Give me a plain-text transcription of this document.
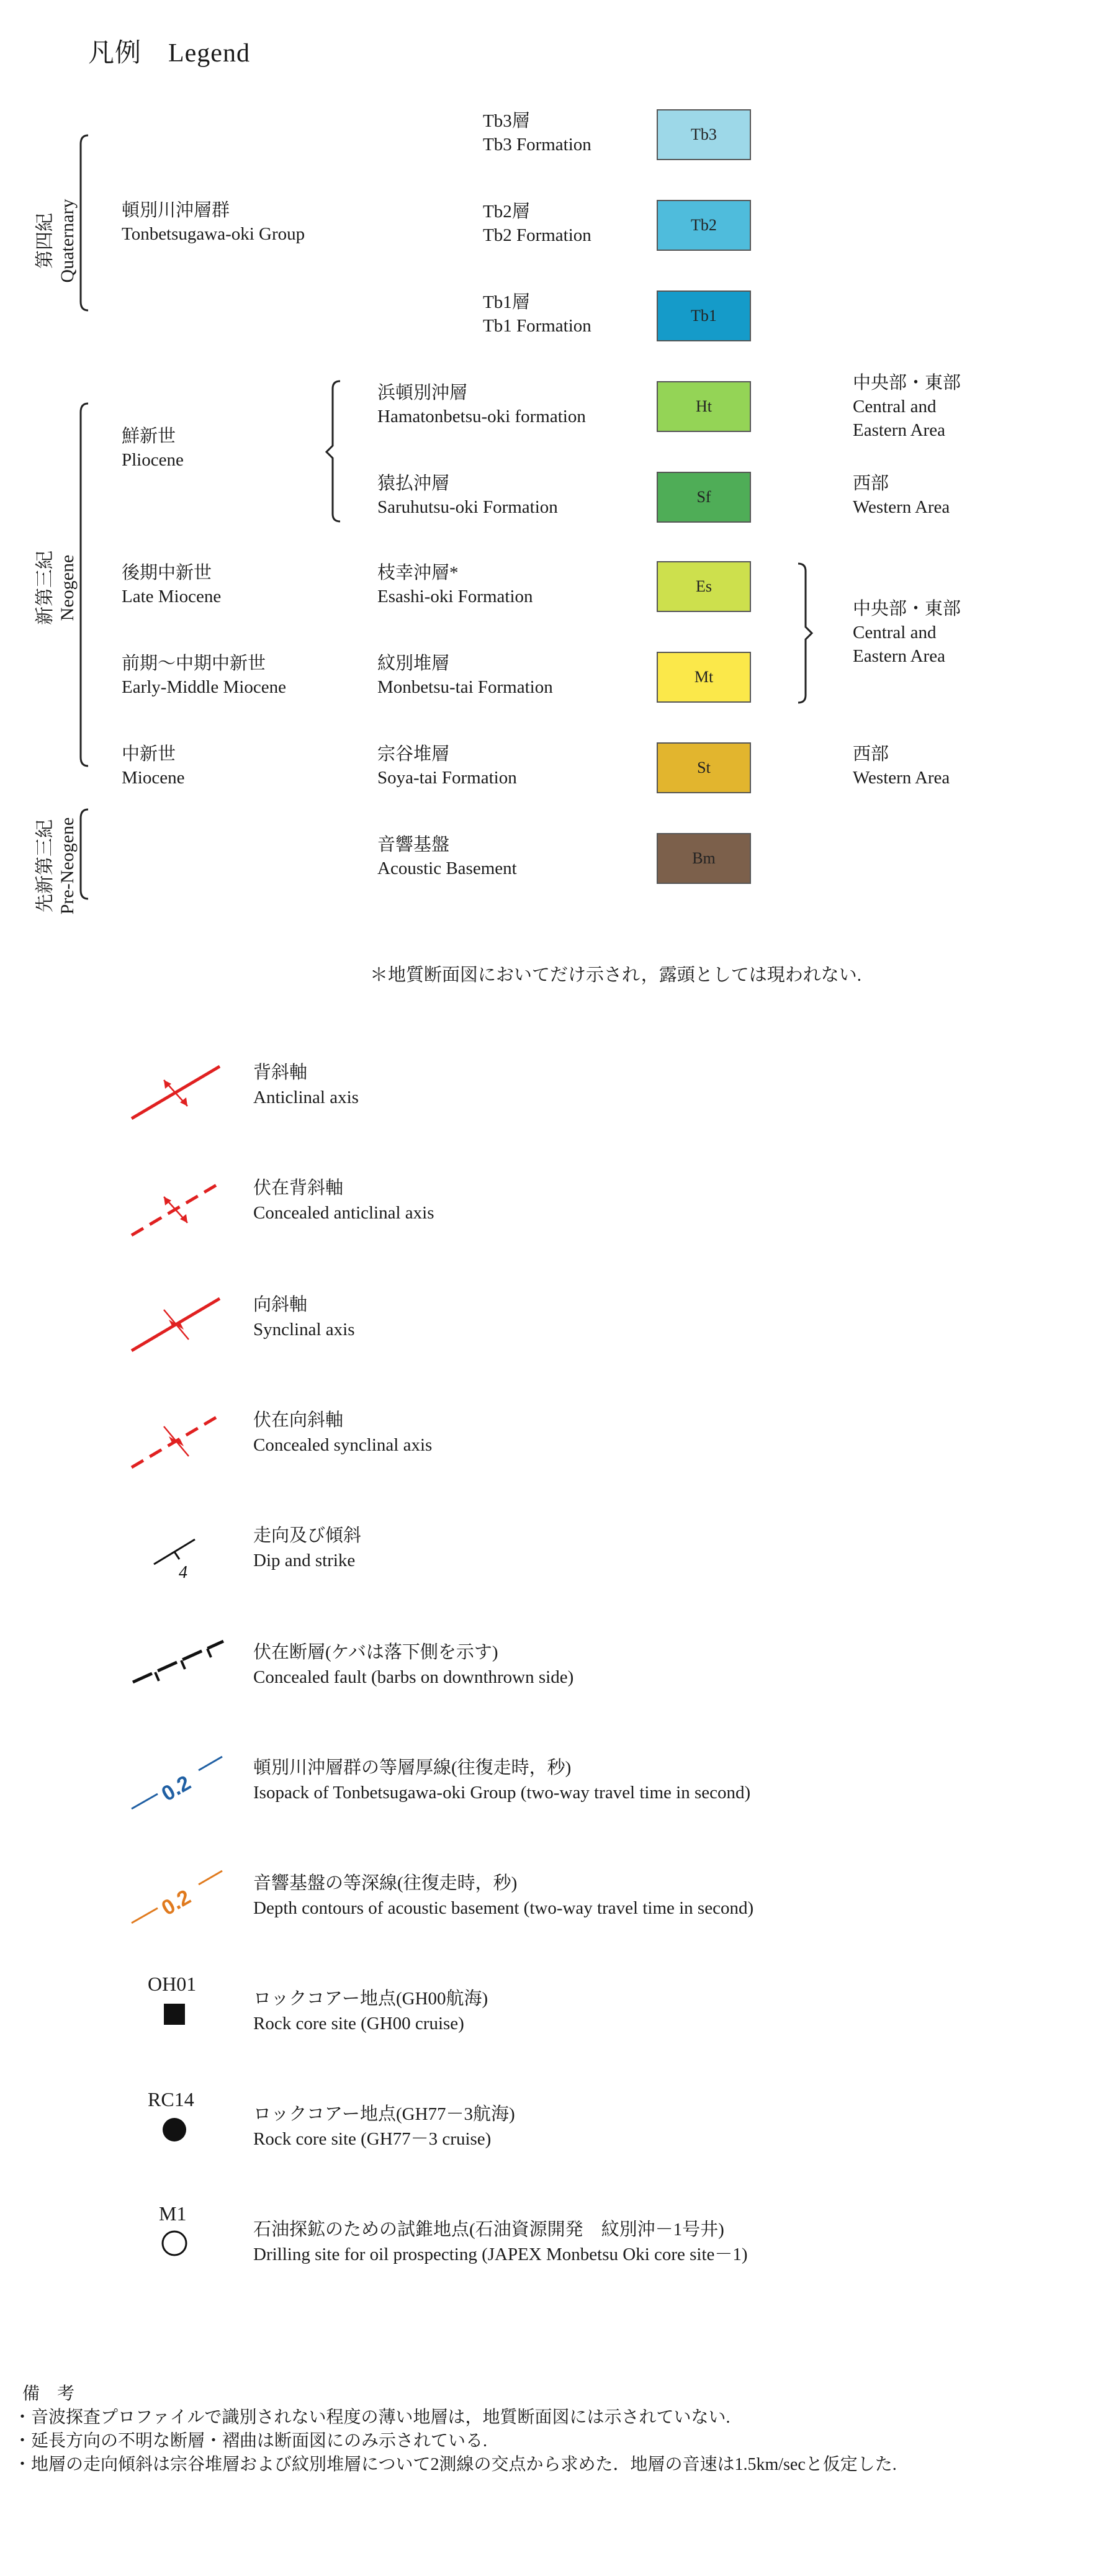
凡例　Legend
第四紀 Quaternary
新第三紀 Neogene
先新第三紀 Pre-Neogene
頓別川沖層群
Tonbetsugawa-oki Group
鮮新世
Pliocene
後期中新世
Late Miocene
前期～中期中新世
Early-Middle Miocene
中新世
Miocene
Tb3層
Tb3 Formation
Tb2層
Tb2 Formation
Tb1層
Tb1 Formation
浜頓別沖層
Hamatonbetsu-oki formation
猿払沖層
Saruhutsu-oki Formation
枝幸沖層*
Esashi-oki Formation
紋別堆層
Monbetsu-tai Formation
宗谷堆層
Soya-tai Formation
音響基盤
Acoustic Basement
Tb3
Tb2
Tb1
Ht
Sf
Es
Mt
St
Bm
中央部・東部
Central and
Eastern Area
西部
Western Area
中央部・東部
Central and
Eastern Area
西部
Western Area
＊地質断面図においてだけ示され，露頭としては現われない.
背斜軸
Anticlinal axis
伏在背斜軸
Concealed anticlinal axis
向斜軸
Synclinal axis
伏在向斜軸
Concealed synclinal axis
4
走向及び傾斜
Dip and strike
伏在断層(ケバは落下側を示す)
Concealed fault (barbs on downthrown side)
0.2
頓別川沖層群の等層厚線(往復走時，秒)
Isopack of Tonbetsugawa-oki Group (two-way travel time in second)
0.2
音響基盤の等深線(往復走時，秒)
Depth contours of acoustic basement (two-way travel time in second)
OH01
ロックコアー地点(GH00航海)
Rock core site (GH00 cruise)
RC14
ロックコアー地点(GH77－3航海)
Rock core site (GH77－3 cruise)
M1
石油探鉱のための試錐地点(石油資源開発　紋別沖－1号井)
Drilling site for oil prospecting (JAPEX Monbetsu Oki core site－1)
備　考
・音波探査プロファイルで識別されない程度の薄い地層は，地質断面図には示されていない.
・延長方向の不明な断層・褶曲は断面図にのみ示されている.
・地層の走向傾斜は宗谷堆層および紋別堆層について2測線の交点から求めた．地層の音速は1.5km/secと仮定した.
